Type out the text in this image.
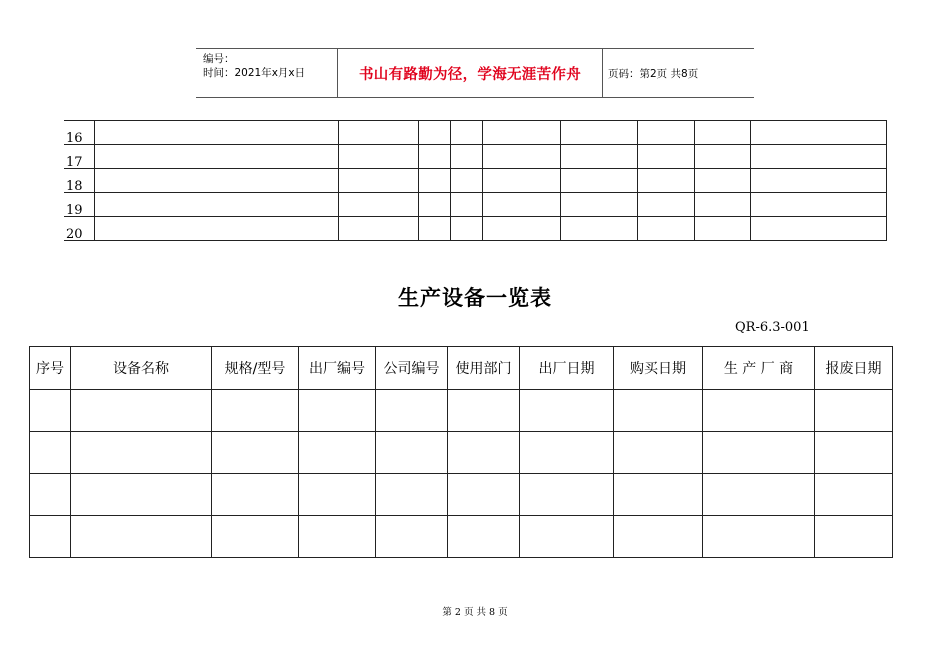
编号：
时间：2021年x月x日	书山有路勤为径，学海无涯苦作舟	页码：第2页 共8页
16									
17									
18									
19									
20									
生产设备一览表
QR-6.3-001
序号	设备名称	规格/型号	出厂编号	公司编号	使用部门	出厂日期	购买日期	生 产 厂 商	报废日期

第 2 页 共 8 页
